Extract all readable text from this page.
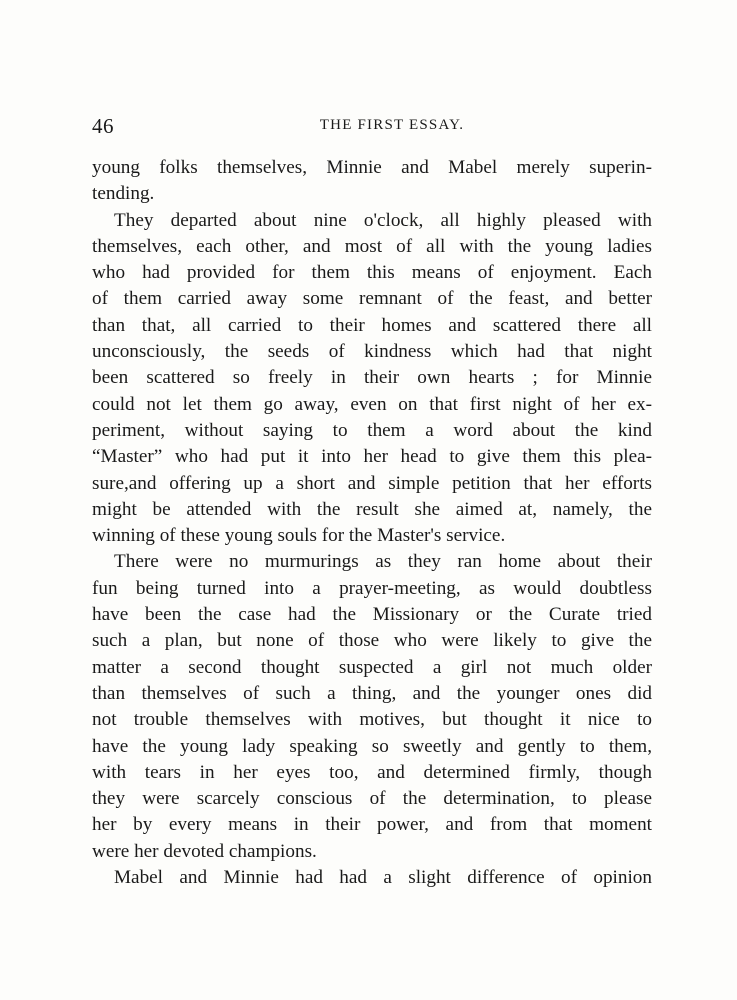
46	THE FIRST ESSAY.
young folks themselves, Minnie and Mabel merely superin-
tending.
They departed about nine o'clock, all highly pleased with
themselves, each other, and most of all with the young ladies
who had provided for them this means of enjoyment. Each
of them carried away some remnant of the feast, and better
than that, all carried to their homes and scattered there all
unconsciously, the seeds of kindness which had that night
been scattered so freely in their own hearts ; for Minnie
could not let them go away, even on that first night of her ex-
periment, without saying to them a word about the kind
“Master” who had put it into her head to give them this plea-
sure,and offering up a short and simple petition that her efforts
might be attended with the result she aimed at, namely, the
winning of these young souls for the Master's service.
There were no murmurings as they ran home about their
fun being turned into a prayer-meeting, as would doubtless
have been the case had the Missionary or the Curate tried
such a plan, but none of those who were likely to give the
matter a second thought suspected a girl not much older
than themselves of such a thing, and the younger ones did
not trouble themselves with motives, but thought it nice to
have the young lady speaking so sweetly and gently to them,
with tears in her eyes too, and determined firmly, though
they were scarcely conscious of the determination, to please
her by every means in their power, and from that moment
were her devoted champions.
Mabel and Minnie had had a slight difference of opinion
